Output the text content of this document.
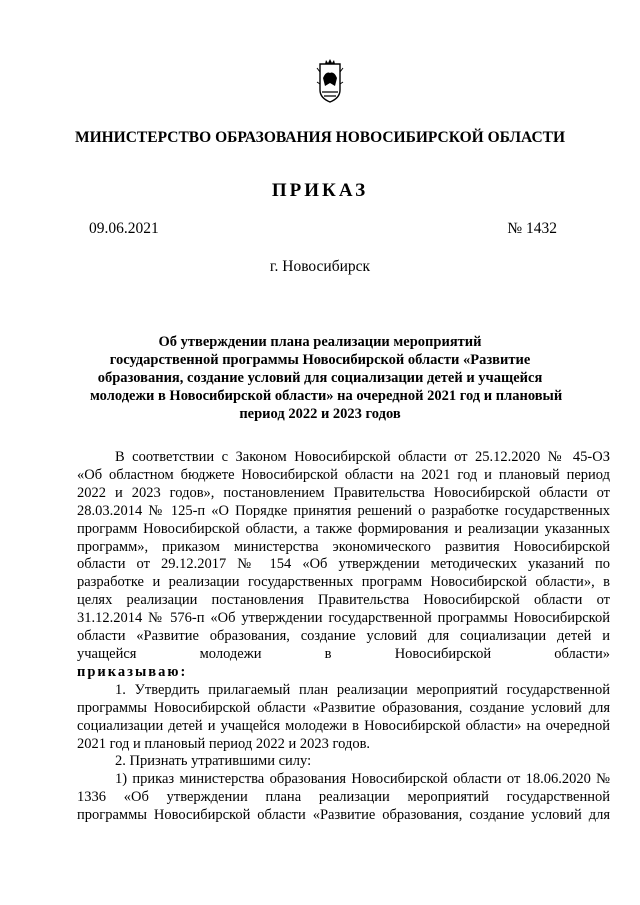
МИНИСТЕРСТВО ОБРАЗОВАНИЯ НОВОСИБИРСКОЙ ОБЛАСТИ
ПРИКАЗ
09.06.2021	№ 1432
г. Новосибирск
Об утверждении плана реализации мероприятий
государственной программы Новосибирской области «Развитие
образования, создание условий для социализации детей и учащейся
молодежи в Новосибирской области» на очередной 2021 год и плановый
период 2022 и 2023 годов
В соответствии с Законом Новосибирской области от 25.12.2020 № 45-ОЗ
«Об областном бюджете Новосибирской области на 2021 год и плановый период
2022 и 2023 годов», постановлением Правительства Новосибирской области от
28.03.2014 № 125-п «О Порядке принятия решений о разработке государственных
программ Новосибирской области, а также формирования и реализации указанных
программ», приказом министерства экономического развития Новосибирской
области от 29.12.2017 № 154 «Об утверждении методических указаний по
разработке и реализации государственных программ Новосибирской области», в
целях реализации постановления Правительства Новосибирской области от
31.12.2014 № 576-п «Об утверждении государственной программы Новосибирской
области «Развитие образования, создание условий для социализации детей и
учащейся молодежи в Новосибирской области»
приказываю:
1. Утвердить прилагаемый план реализации мероприятий государственной
программы Новосибирской области «Развитие образования, создание условий для
социализации детей и учащейся молодежи в Новосибирской области» на очередной
2021 год и плановый период 2022 и 2023 годов.
2. Признать утратившими силу:
1) приказ министерства образования Новосибирской области от 18.06.2020 №
1336 «Об утверждении плана реализации мероприятий государственной
программы Новосибирской области «Развитие образования, создание условий для
